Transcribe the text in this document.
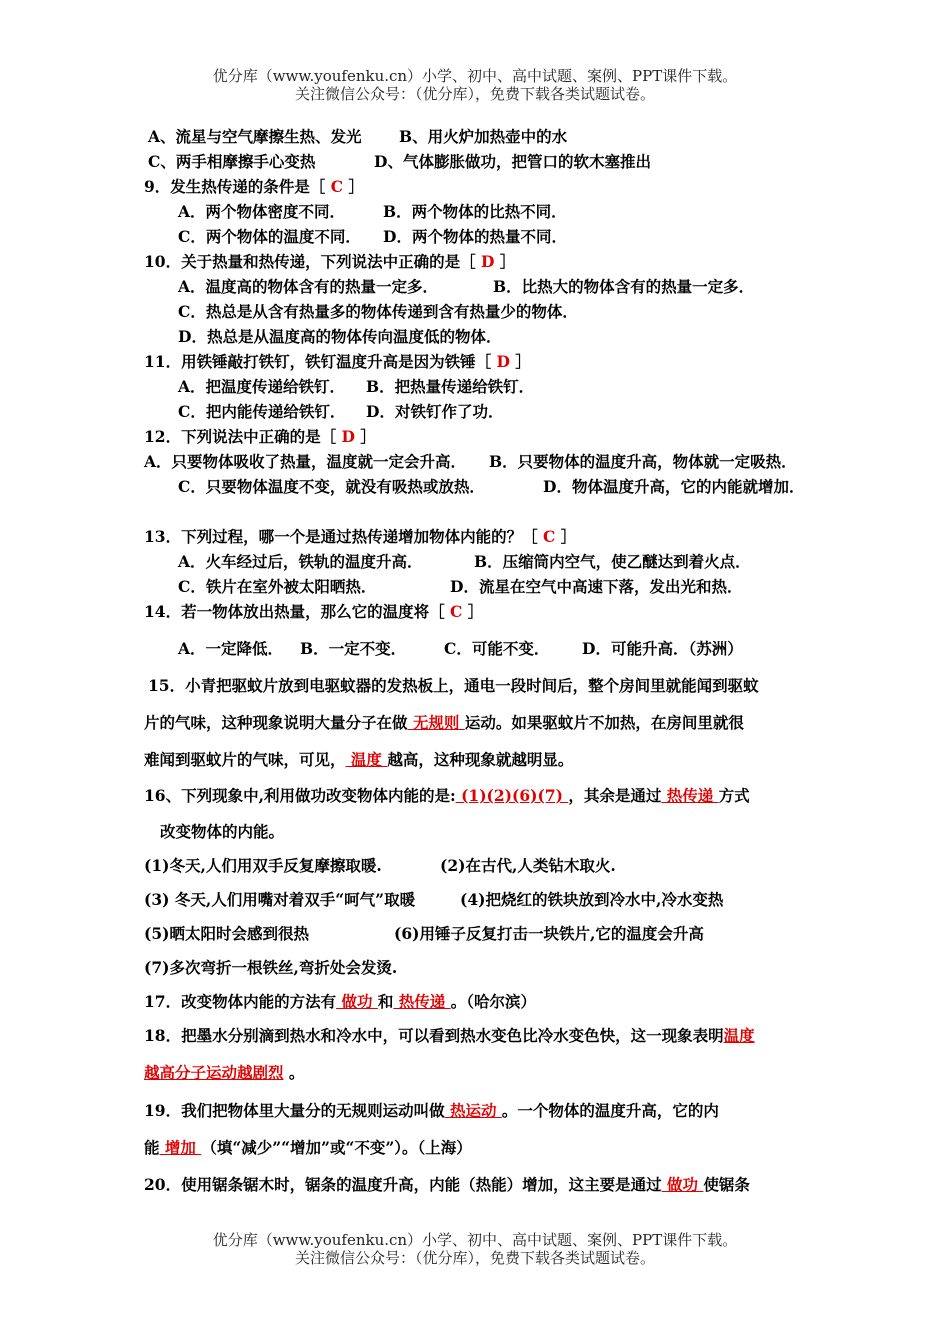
优分库（www.youfenku.cn）小学、初中、高中试题、案例、PPT课件下载。
关注微信公众号：（优分库），免费下载各类试题试卷。
A、流星与空气摩擦生热、发光 B、用火炉加热壶中的水
C、两手相摩擦手心变热	D、气体膨胀做功，把管口的软木塞推出
9．发生热传递的条件是［ C ］
A．两个物体密度不同． B．两个物体的比热不同．
C．两个物体的温度不同． D．两个物体的热量不同．
10．关于热量和热传递，下列说法中正确的是［ D ］
A．温度高的物体含有的热量一定多．	B．比热大的物体含有的热量一定多．
C．热总是从含有热量多的物体传递到含有热量少的物体．
D．热总是从温度高的物体传向温度低的物体．
11．用铁锤敲打铁钉，铁钉温度升高是因为铁锤［ D ］
A．把温度传递给铁钉． B．把热量传递给铁钉．
C．把内能传递给铁钉． D．对铁钉作了功．
12．下列说法中正确的是［ D ］
A．只要物体吸收了热量，温度就一定会升高． B．只要物体的温度升高，物体就一定吸热．
C．只要物体温度不变，就没有吸热或放热．	D．物体温度升高，它的内能就增加．
13．下列过程，哪一个是通过热传递增加物体内能的？［ C ］
A．火车经过后，铁轨的温度升高．	B．压缩筒内空气，使乙醚达到着火点．
C．铁片在室外被太阳晒热．	D．流星在空气中高速下落，发出光和热．
14．若一物体放出热量，那么它的温度将［ C ］
A．一定降低． B．一定不变． C．可能不变． D．可能升高．（苏洲）
15．小青把驱蚊片放到电驱蚊器的发热板上，通电一段时间后，整个房间里就能闻到驱蚊
片的气味，这种现象说明大量分子在做 无规则 运动。如果驱蚊片不加热，在房间里就很
难闻到驱蚊片的气味，可见， 温度 越高，这种现象就越明显。
16、下列现象中,利用做功改变物体内能的是: (1)(2)(6)(7) ，其余是通过 热传递 方式
改变物体的内能。
(1)冬天,人们用双手反复摩擦取暖.	(2)在古代,人类钻木取火.
(3) 冬天,人们用嘴对着双手“呵气”取暖	(4)把烧红的铁块放到冷水中,冷水变热
(5)晒太阳时会感到很热	(6)用锤子反复打击一块铁片,它的温度会升高
(7)多次弯折一根铁丝,弯折处会发烫.
17．改变物体内能的方法有 做功 和 热传递 。（哈尔滨）
18．把墨水分别滴到热水和冷水中，可以看到热水变色比冷水变色快，这一现象表明温度
越高分子运动越剧烈 。
19．我们把物体里大量分的无规则运动叫做 热运动 。一个物体的温度升高，它的内
能 增加 （填“减少”“增加”或“不变”）。（上海）
20．使用锯条锯木时，锯条的温度升高，内能（热能）增加，这主要是通过 做功 使锯条
优分库（www.youfenku.cn）小学、初中、高中试题、案例、PPT课件下载。
关注微信公众号：（优分库），免费下载各类试题试卷。
